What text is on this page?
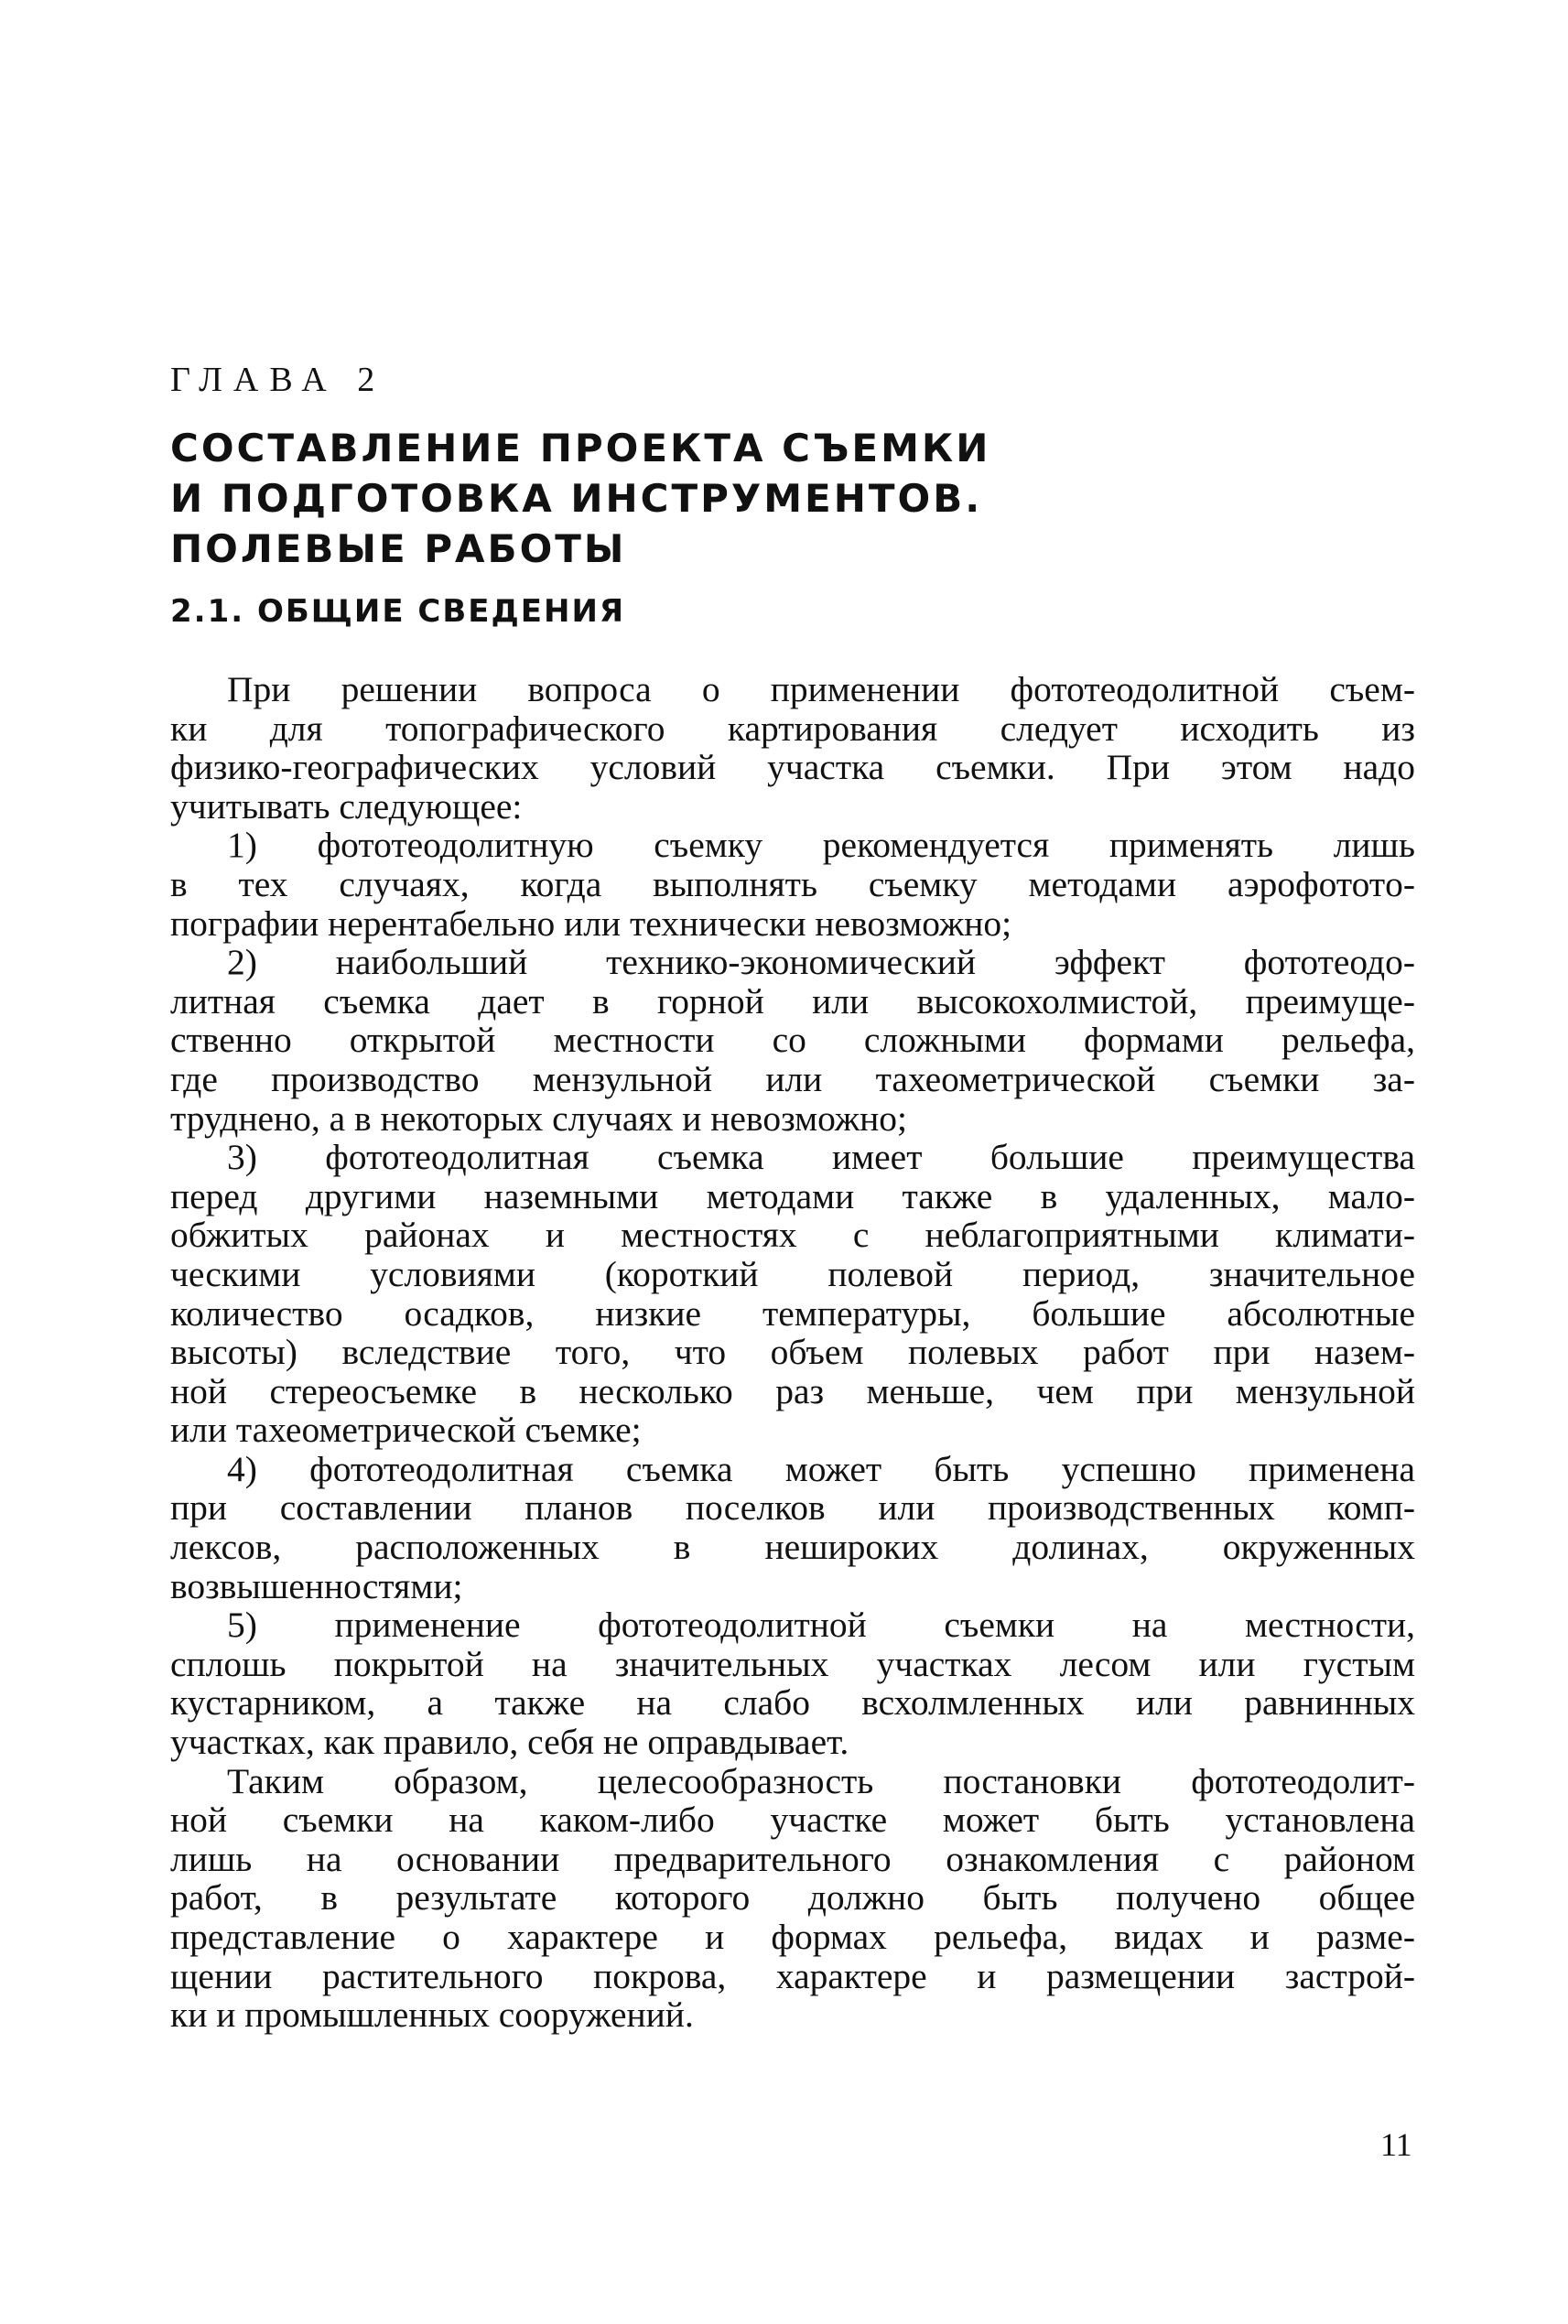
ГЛАВА 2
СОСТАВЛЕНИЕ ПРОЕКТА СЪЕМКИ
И ПОДГОТОВКА ИНСТРУМЕНТОВ.
ПОЛЕВЫЕ РАБОТЫ
2.1. ОБЩИЕ СВЕДЕНИЯ
При решении вопроса о применении фототеодолитной съем-
ки для топографического картирования следует исходить из
физико-географических условий участка съемки. При этом надо
учитывать следующее:
1) фототеодолитную съемку рекомендуется применять лишь
в тех случаях, когда выполнять съемку методами аэрофототo-
пографии нерентабельно или технически невозможно;
2) наибольший технико-экономический эффект фототеодо-
литная съемка дает в горной или высокохолмистой, преимуще-
ственно открытой местности со сложными формами рельефа,
где производство мензульной или тахеометрической съемки за-
труднено, а в некоторых случаях и невозможно;
3) фототеодолитная съемка имеет большие преимущества
перед другими наземными методами также в удаленных, мало-
обжитых районах и местностях с неблагоприятными климати-
ческими условиями (короткий полевой период, значительное
количество осадков, низкие температуры, большие абсолютные
высоты) вследствие того, что объем полевых работ при назем-
ной стереосъемке в несколько раз меньше, чем при мензульной
или тахеометрической съемке;
4) фототеодолитная съемка может быть успешно применена
при составлении планов поселков или производственных комп-
лексов, расположенных в неширoких долинах, окруженных
возвышенностями;
5) применение фототеодолитной съемки на местности,
сплошь покрытой на значительных участках лесом или густым
кустарником, а также на слабо всхолмленных или равнинных
участках, как правило, себя не оправдывает.
Таким образом, целесообразность постановки фототеодолит-
ной съемки на каком-либо участке может быть установлена
лишь на основании предварительного ознакомления с районом
работ, в результате которого должно быть получено общее
представление о характере и формах рельефа, видах и разме-
щении растительного покрова, характере и размещении застрой-
ки и промышленных сооружений.
11
